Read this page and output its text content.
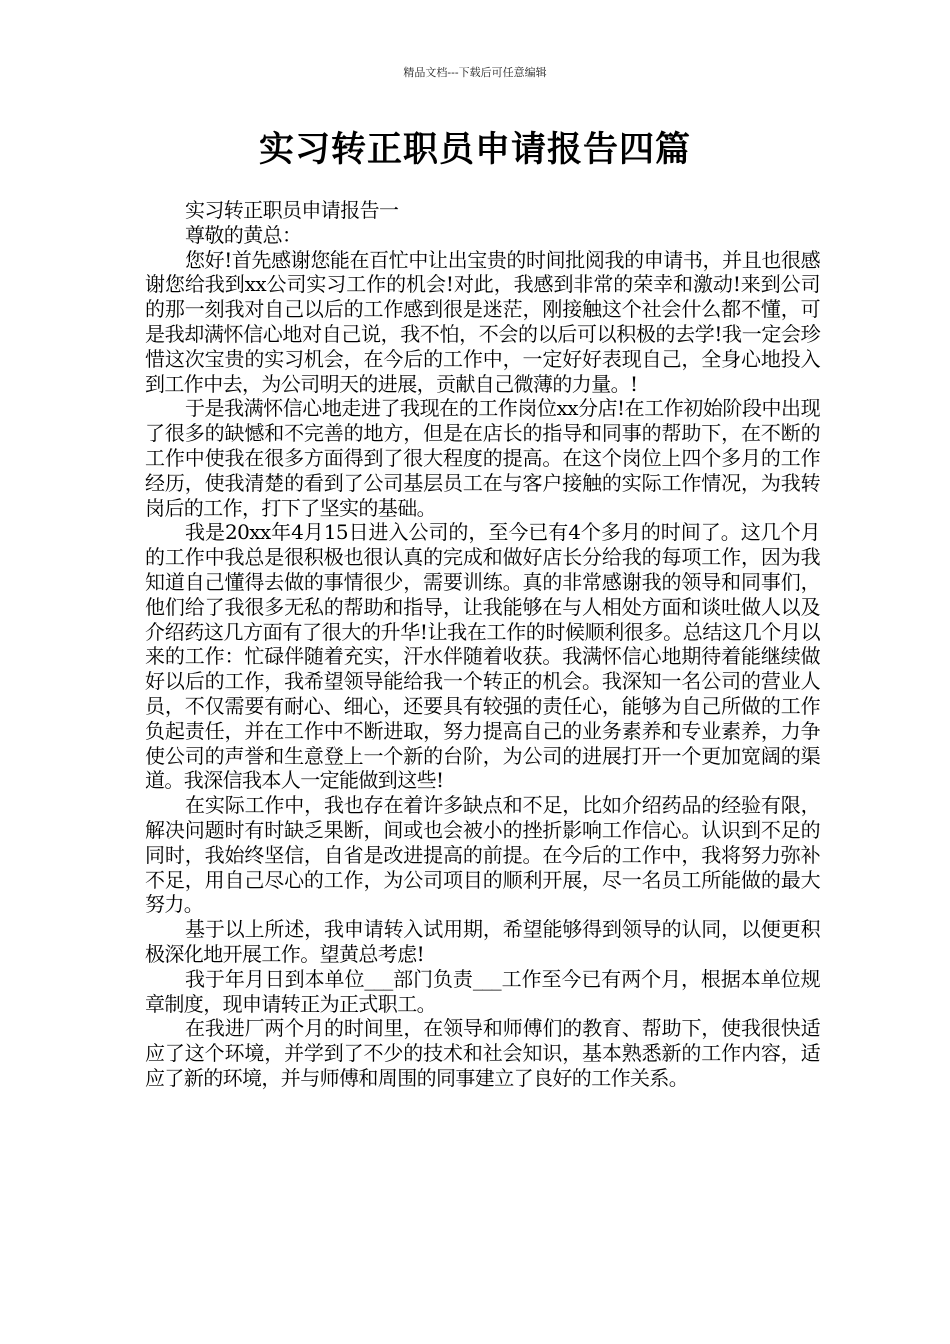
精品文档---下载后可任意编辑
实习转正职员申请报告四篇

实习转正职员申请报告一

尊敬的黄总：

您好!首先感谢您能在百忙中让出宝贵的时间批阅我的申请书，并且也很感谢您给我到xx公司实习工作的机会!对此，我感到非常的荣幸和激动!来到公司的那一刻我对自己以后的工作感到很是迷茫，刚接触这个社会什么都不懂，可是我却满怀信心地对自己说，我不怕，不会的以后可以积极的去学!我一定会珍惜这次宝贵的实习机会，在今后的工作中，一定好好表现自己，全身心地投入到工作中去，为公司明天的进展，贡献自己微薄的力量。!

于是我满怀信心地走进了我现在的工作岗位xx分店!在工作初始阶段中出现了很多的缺憾和不完善的地方，但是在店长的指导和同事的帮助下，在不断的工作中使我在很多方面得到了很大程度的提高。在这个岗位上四个多月的工作经历，使我清楚的看到了公司基层员工在与客户接触的实际工作情况，为我转岗后的工作，打下了坚实的基础。

我是20xx年4月15日进入公司的，至今已有4个多月的时间了。这几个月的工作中我总是很积极也很认真的完成和做好店长分给我的每项工作，因为我知道自己懂得去做的事情很少，需要训练。真的非常感谢我的领导和同事们，他们给了我很多无私的帮助和指导，让我能够在与人相处方面和谈吐做人以及介绍药这几方面有了很大的升华!让我在工作的时候顺利很多。总结这几个月以来的工作：忙碌伴随着充实，汗水伴随着收获。我满怀信心地期待着能继续做好以后的工作，我希望领导能给我一个转正的机会。我深知一名公司的营业人员，不仅需要有耐心、细心，还要具有较强的责任心，能够为自己所做的工作负起责任，并在工作中不断进取，努力提高自己的业务素养和专业素养，力争使公司的声誉和生意登上一个新的台阶，为公司的进展打开一个更加宽阔的渠道。我深信我本人一定能做到这些!

在实际工作中，我也存在着许多缺点和不足，比如介绍药品的经验有限，解决问题时有时缺乏果断，间或也会被小的挫折影响工作信心。认识到不足的同时，我始终坚信，自省是改进提高的前提。在今后的工作中，我将努力弥补不足，用自己尽心的工作，为公司项目的顺利开展，尽一名员工所能做的最大努力。

基于以上所述，我申请转入试用期，希望能够得到领导的认同，以便更积极深化地开展工作。望黄总考虑!

我于年月日到本单位___部门负责___工作至今已有两个月，根据本单位规章制度，现申请转正为正式职工。

在我进厂两个月的时间里，在领导和师傅们的教育、帮助下，使我很快适应了这个环境，并学到了不少的技术和社会知识，基本熟悉新的工作内容，适应了新的环境，并与师傅和周围的同事建立了良好的工作关系。
